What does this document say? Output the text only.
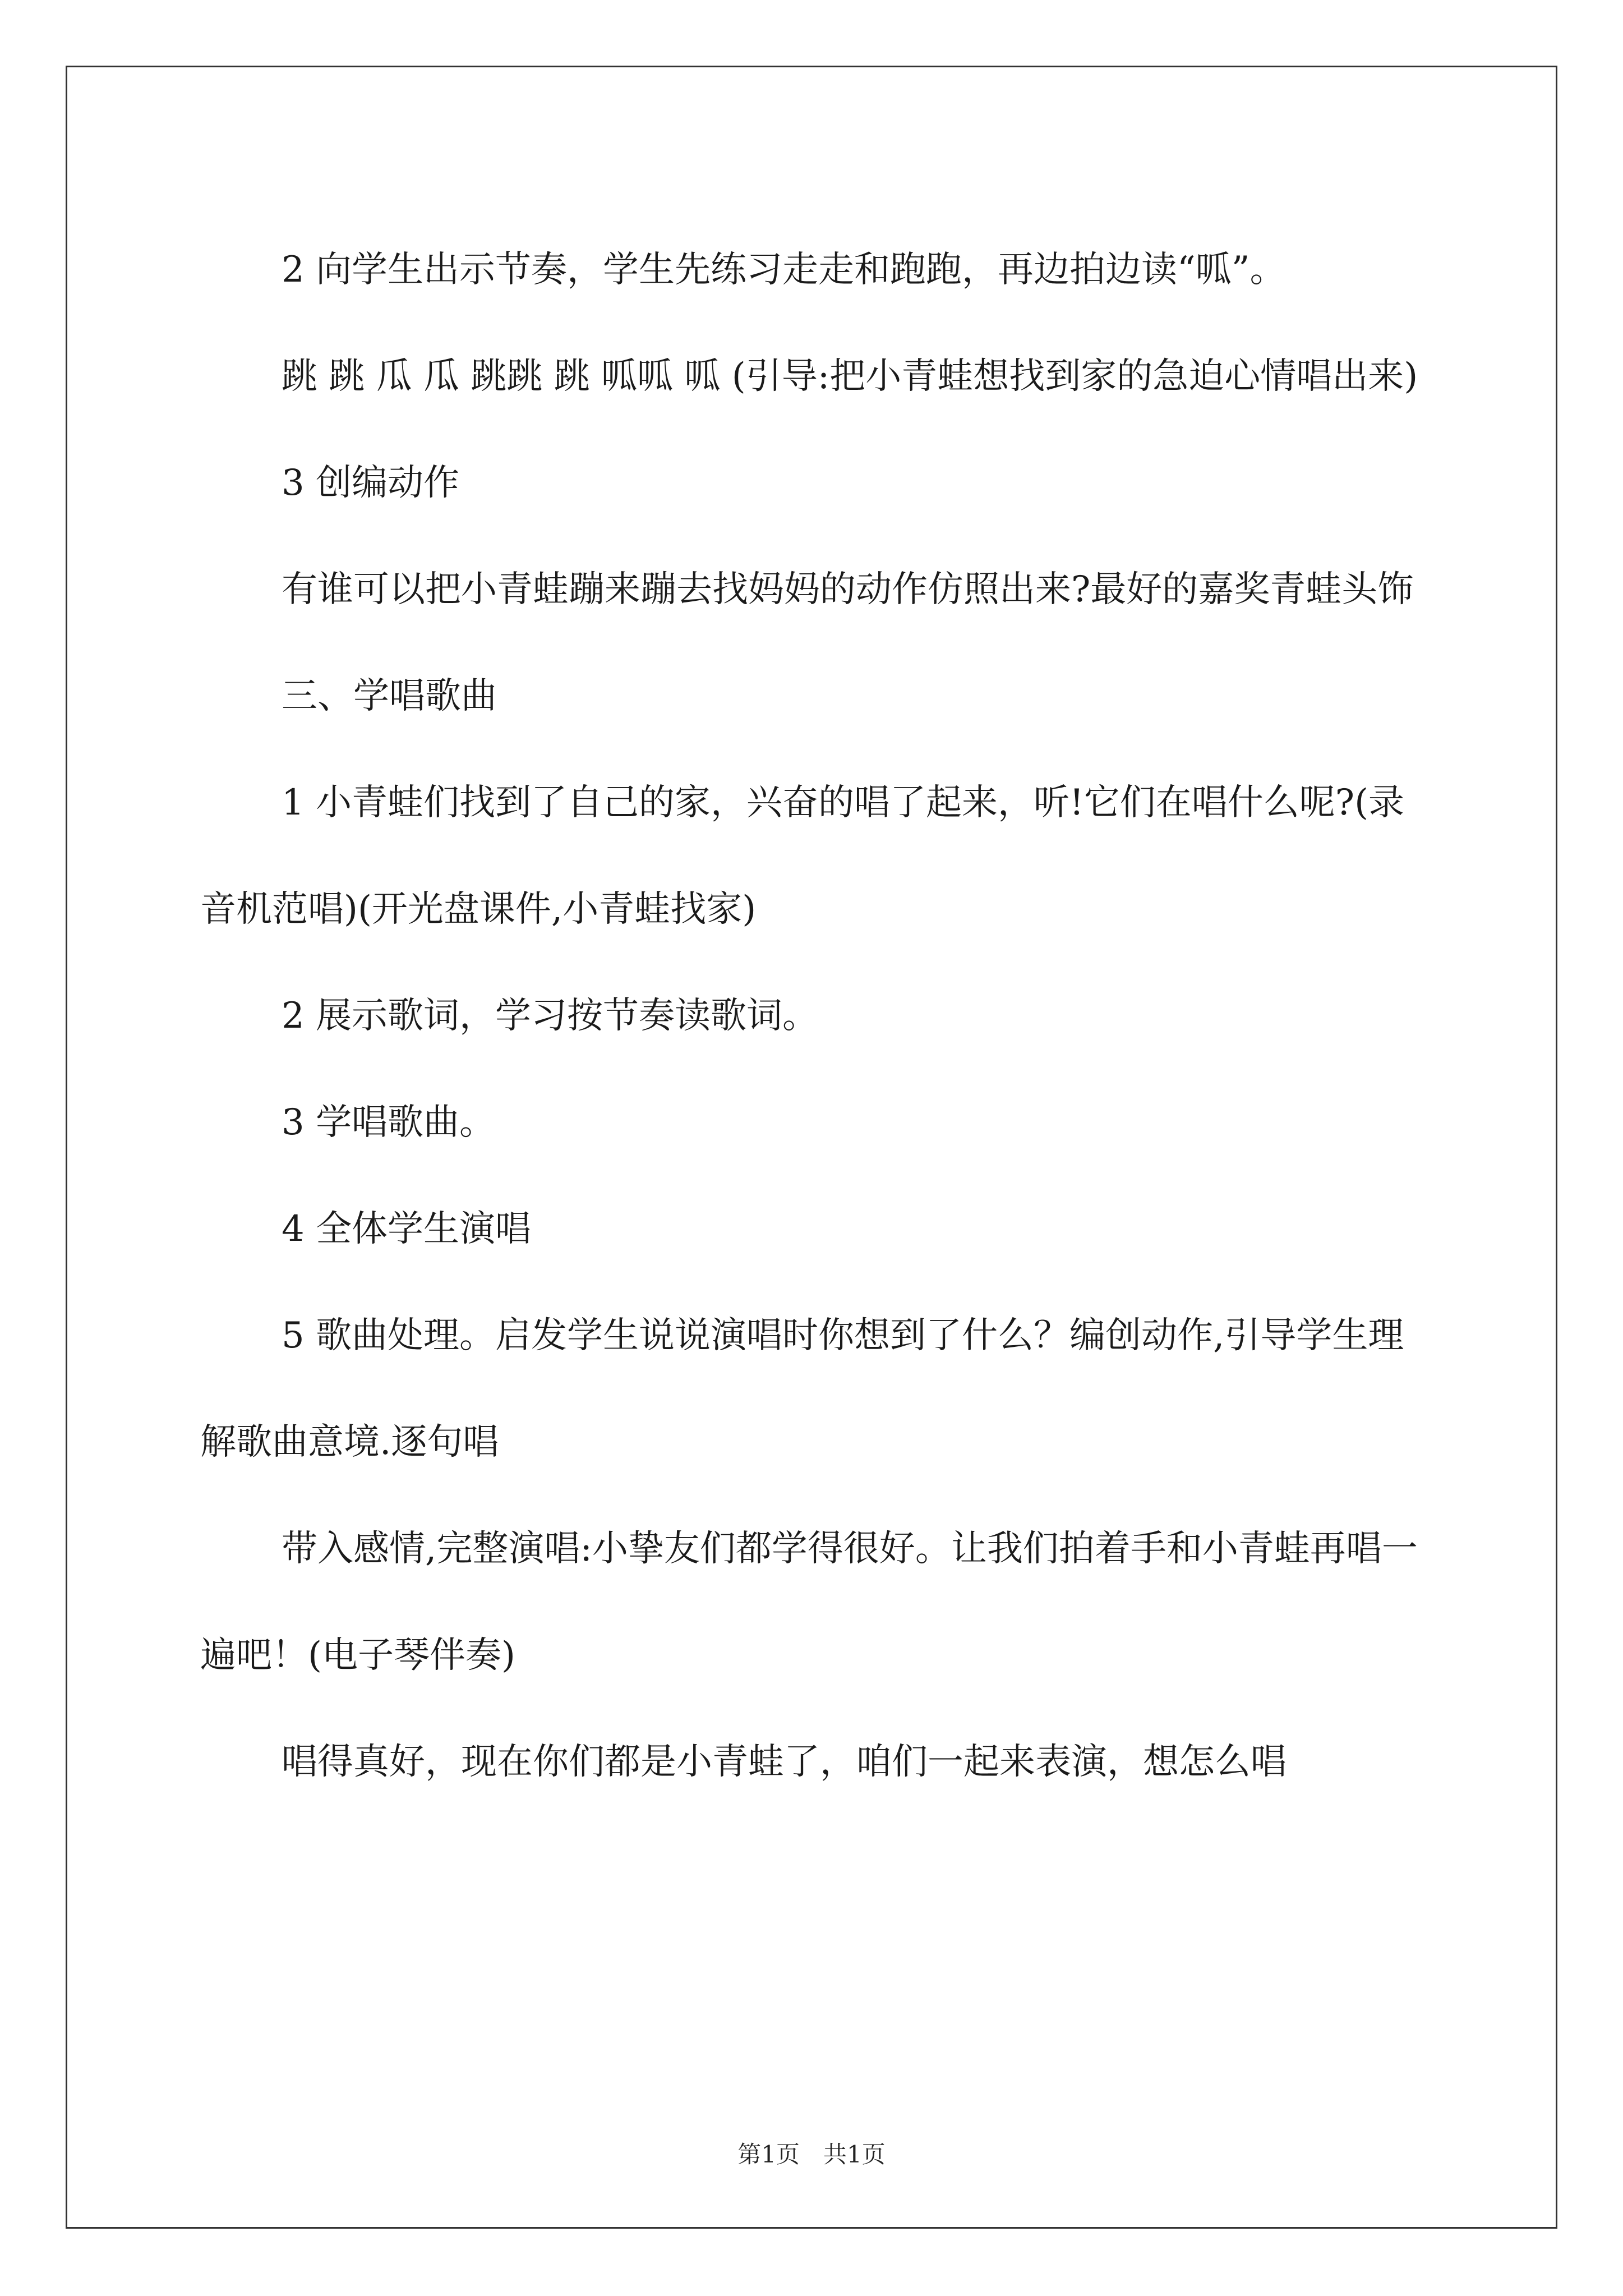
2 向学生出示节奏，学生先练习走走和跑跑，再边拍边读“呱”。

跳 跳 瓜 瓜 跳跳 跳 呱呱 呱 (引导:把小青蛙想找到家的急迫心情唱出来)

3 创编动作

有谁可以把小青蛙蹦来蹦去找妈妈的动作仿照出来?最好的嘉奖青蛙头饰

三、学唱歌曲

1 小青蛙们找到了自己的家，兴奋的唱了起来，听!它们在唱什么呢?(录音机范唱)(开光盘课件,小青蛙找家)

2 展示歌词，学习按节奏读歌词。

3 学唱歌曲。

4 全体学生演唱

5 歌曲处理。启发学生说说演唱时你想到了什么？编创动作,引导学生理解歌曲意境.逐句唱

带入感情,完整演唱:小挚友们都学得很好。让我们拍着手和小青蛙再唱一遍吧！(电子琴伴奏)

唱得真好，现在你们都是小青蛙了，咱们一起来表演，想怎么唱

第1页　共1页
